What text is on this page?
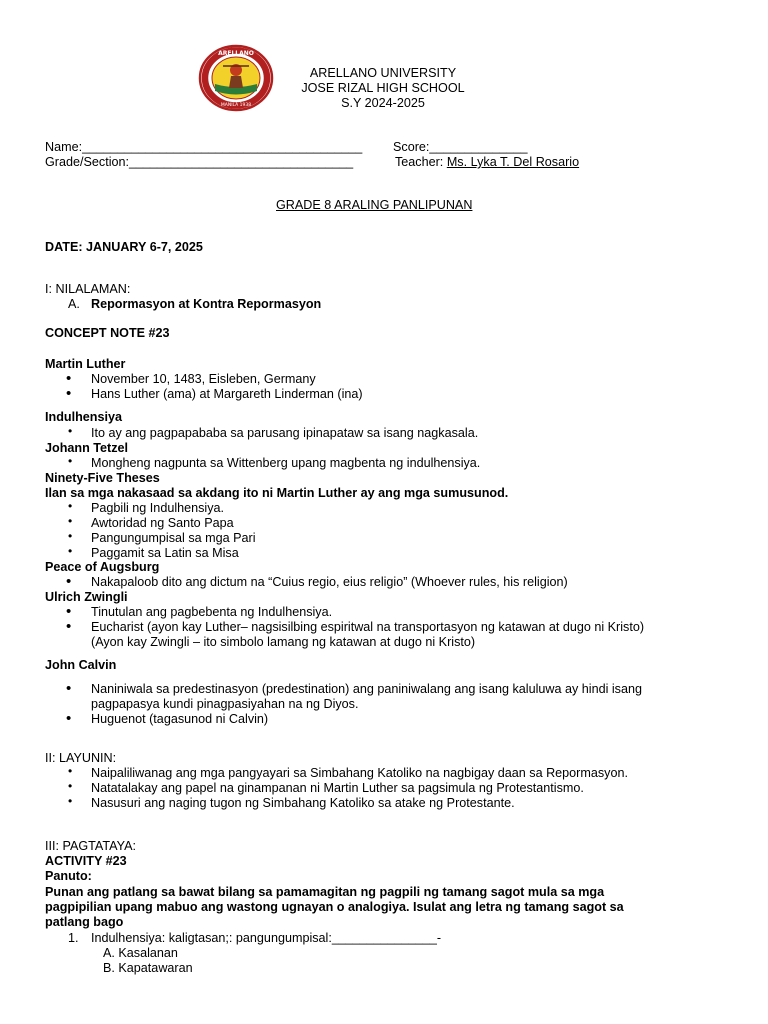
ARELLANO
MANILA 1938
ARELLANO UNIVERSITY
JOSE RIZAL HIGH SCHOOL
S.Y 2024-2025
Name:________________________________________ Score:______________
Grade/Section:________________________________	Teacher: Ms. Lyka T. Del Rosario
GRADE 8 ARALING PANLIPUNAN
DATE: JANUARY 6-7, 2025
I: NILALAMAN:
A. Repormasyon at Kontra Repormasyon
CONCEPT NOTE #23
Martin Luther
•
November 10, 1483, Eisleben, Germany
•
Hans Luther (ama) at Margareth Linderman (ina)
Indulhensiya
•
Ito ay ang pagpapababa sa parusang ipinapataw sa isang nagkasala.
Johann Tetzel
•
Mongheng nagpunta sa Wittenberg upang magbenta ng indulhensiya.
Ninety-Five Theses
Ilan sa mga nakasaad sa akdang ito ni Martin Luther ay ang mga sumusunod.
•
Pagbili ng Indulhensiya.
•
Awtoridad ng Santo Papa
•
Pangungumpisal sa mga Pari
•
Paggamit sa Latin sa Misa
Peace of Augsburg
•
Nakapaloob dito ang dictum na “Cuius regio, eius religio” (Whoever rules, his religion)
Ulrich Zwingli
•
Tinutulan ang pagbebenta ng Indulhensiya.
•
Eucharist (ayon kay Luther– nagsisilbing espiritwal na transportasyon ng katawan at dugo ni Kristo)
(Ayon kay Zwingli – ito simbolo lamang ng katawan at dugo ni Kristo)
John Calvin
•
Naniniwala sa predestinasyon (predestination) ang paniniwalang ang isang kaluluwa ay hindi isang
pagpapasya kundi pinagpasiyahan na ng Diyos.
•
Huguenot (tagasunod ni Calvin)
II: LAYUNIN:
•
Naipaliliwanag ang mga pangyayari sa Simbahang Katoliko na nagbigay daan sa Repormasyon.
•
Natatalakay ang papel na ginampanan ni Martin Luther sa pagsimula ng Protestantismo.
•
Nasusuri ang naging tugon ng Simbahang Katoliko sa atake ng Protestante.
III: PAGTATAYA:
ACTIVITY #23
Panuto:
Punan ang patlang sa bawat bilang sa pamamagitan ng pagpili ng tamang sagot mula sa mga
pagpipilian upang mabuo ang wastong ugnayan o analogiya. Isulat ang letra ng tamang sagot sa
patlang bago
1. Indulhensiya: kaligtasan;: pangungumpisal:_______________-
A. Kasalanan
B. Kapatawaran
